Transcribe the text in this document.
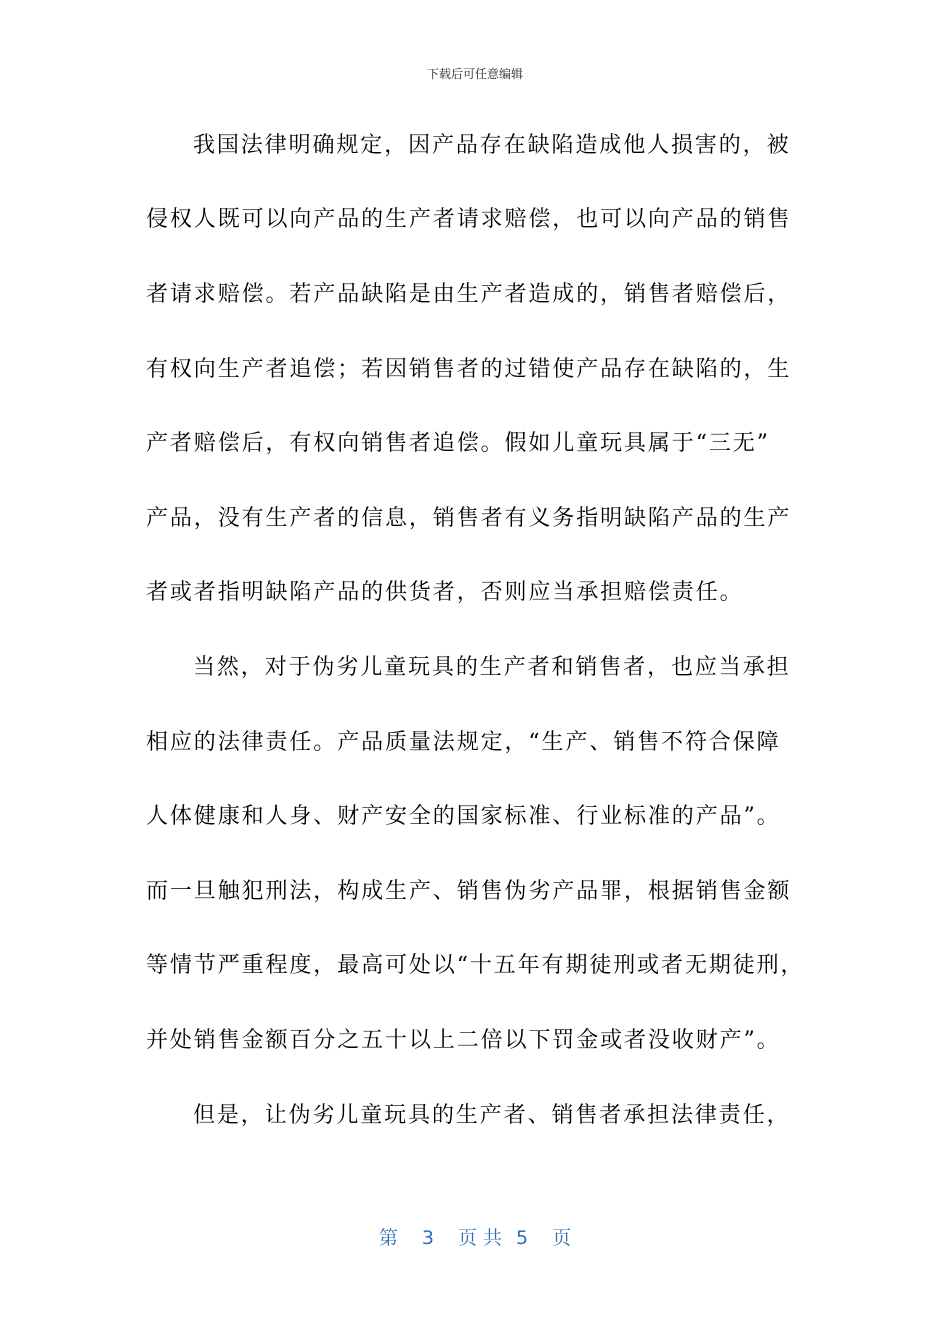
下载后可任意编辑
我国法律明确规定，因产品存在缺陷造成他人损害的，被
侵权人既可以向产品的生产者请求赔偿，也可以向产品的销售
者请求赔偿。若产品缺陷是由生产者造成的，销售者赔偿后，
有权向生产者追偿；若因销售者的过错使产品存在缺陷的，生
产者赔偿后，有权向销售者追偿。假如儿童玩具属于“三无”
产品，没有生产者的信息，销售者有义务指明缺陷产品的生产
者或者指明缺陷产品的供货者，否则应当承担赔偿责任。
当然，对于伪劣儿童玩具的生产者和销售者，也应当承担
相应的法律责任。产品质量法规定，“生产、销售不符合保障
人体健康和人身、财产安全的国家标准、行业标准的产品”。
而一旦触犯刑法，构成生产、销售伪劣产品罪，根据销售金额
等情节严重程度，最高可处以“十五年有期徒刑或者无期徒刑，
并处销售金额百分之五十以上二倍以下罚金或者没收财产”。
但是，让伪劣儿童玩具的生产者、销售者承担法律责任，
第 3 页 共 5 页
